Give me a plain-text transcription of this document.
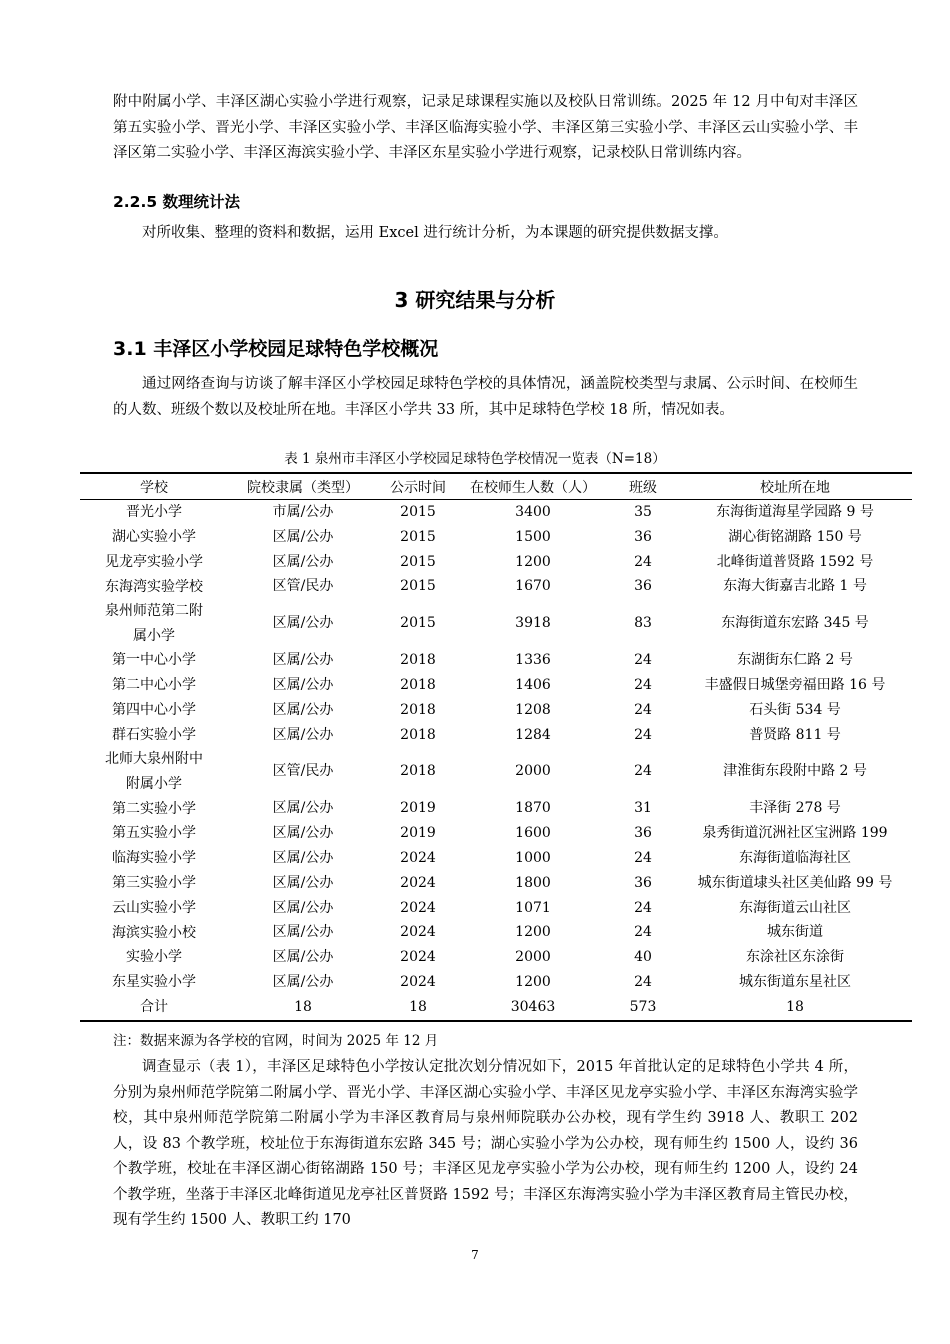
附中附属小学、丰泽区湖心实验小学进行观察，记录足球课程实施以及校队日常训练。2025 年 12 月中旬对丰泽区第五实验小学、晋光小学、丰泽区实验小学、丰泽区临海实验小学、丰泽区第三实验小学、丰泽区云山实验小学、丰泽区第二实验小学、丰泽区海滨实验小学、丰泽区东星实验小学进行观察，记录校队日常训练内容。

2.2.5 数理统计法

对所收集、整理的资料和数据，运用 Excel 进行统计分析，为本课题的研究提供数据支撑。

3 研究结果与分析
3.1 丰泽区小学校园足球特色学校概况

通过网络查询与访谈了解丰泽区小学校园足球特色学校的具体情况，涵盖院校类型与隶属、公示时间、在校师生的人数、班级个数以及校址所在地。丰泽区小学共 33 所，其中足球特色学校 18 所，情况如表。

表 1 泉州市丰泽区小学校园足球特色学校情况一览表（N=18）

学校	院校隶属（类型）	公示时间	在校师生人数（人）	班级	校址所在地
晋光小学	市属/公办	2015	3400	35	东海街道海星学园路 9 号
湖心实验小学	区属/公办	2015	1500	36	湖心街铭湖路 150 号
见龙亭实验小学	区属/公办	2015	1200	24	北峰街道普贤路 1592 号
东海湾实验学校	区管/民办	2015	1670	36	东海大街嘉吉北路 1 号
泉州师范第二附
属小学	区属/公办	2015	3918	83	东海街道东宏路 345 号
第一中心小学	区属/公办	2018	1336	24	东湖街东仁路 2 号
第二中心小学	区属/公办	2018	1406	24	丰盛假日城堡旁福田路 16 号
第四中心小学	区属/公办	2018	1208	24	石头街 534 号
群石实验小学	区属/公办	2018	1284	24	普贤路 811 号
北师大泉州附中
附属小学	区管/民办	2018	2000	24	津淮街东段附中路 2 号
第二实验小学	区属/公办	2019	1870	31	丰泽街 278 号
第五实验小学	区属/公办	2019	1600	36	泉秀街道沉洲社区宝洲路 199
临海实验小学	区属/公办	2024	1000	24	东海街道临海社区
第三实验小学	区属/公办	2024	1800	36	城东街道埭头社区美仙路 99 号
云山实验小学	区属/公办	2024	1071	24	东海街道云山社区
海滨实验小校	区属/公办	2024	1200	24	城东街道
实验小学	区属/公办	2024	2000	40	东涂社区东涂街
东星实验小学	区属/公办	2024	1200	24	城东街道东星社区
合计	18	18	30463	573	18

注：数据来源为各学校的官网，时间为 2025 年 12 月

调查显示（表 1），丰泽区足球特色小学按认定批次划分情况如下，2015 年首批认定的足球特色小学共 4 所，分别为泉州师范学院第二附属小学、晋光小学、丰泽区湖心实验小学、丰泽区见龙亭实验小学、丰泽区东海湾实验学校，其中泉州师范学院第二附属小学为丰泽区教育局与泉州师院联办公办校，现有学生约 3918 人、教职工 202 人，设 83 个教学班，校址位于东海街道东宏路 345 号；湖心实验小学为公办校，现有师生约 1500 人，设约 36 个教学班，校址在丰泽区湖心街铭湖路 150 号；丰泽区见龙亭实验小学为公办校，现有师生约 1200 人，设约 24 个教学班，坐落于丰泽区北峰街道见龙亭社区普贤路 1592 号；丰泽区东海湾实验小学为丰泽区教育局主管民办校，现有学生约 1500 人、教职工约 170

7
